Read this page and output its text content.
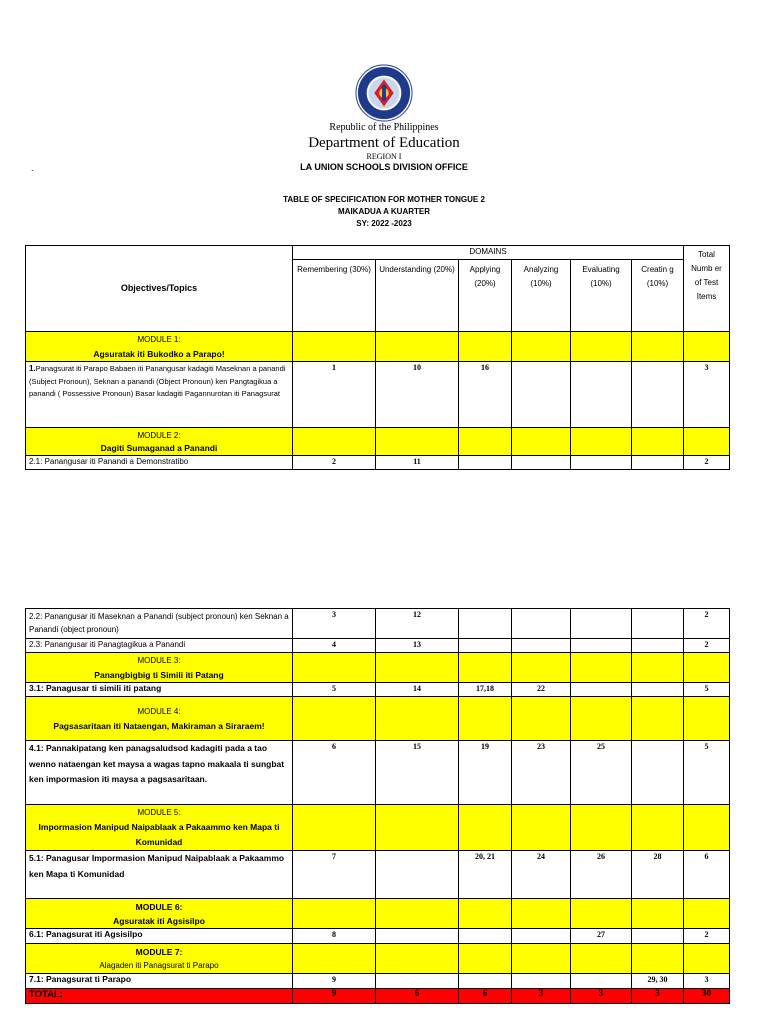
Republic of the Philippines
Department of Education
REGION I
LA UNION SCHOOLS DIVISION OFFICE
.
TABLE OF SPECIFICATION FOR MOTHER TONGUE 2
MAIKADUA A KUARTER
SY: 2022 -2023
Objectives/Topics	DOMAINS						Total Numb er of Test Items
	Remembering (30%)	Understanding (20%)	Applying (20%)	Analyzing (10%)	Evaluating (10%)	Creatin g (10%)	

MODULE 1:
Agsuratak iti Bukodko a Parapo!							

1.Panagsurat iti Parapo Babaen iti Panangusar kadagiti Maseknan a panandi (Subject Pronoun), Seknan a panandi (Object Pronoun) ken Pangtagikua a panandi ( Possessive Pronoun) Basar kadagiti Pagannurotan iti Panagsurat	1	10	16				3

MODULE 2:
Dagiti Sumaganad a Panandi							

2.1: Panangusar iti Panandi a Demonstratibo	2	11					2
2.2: Panangusar iti Maseknan a Panandi (subject pronoun) ken Seknan a Panandi (object pronoun)	3	12					2
2.3: Panangusar iti Panagtagikua a Panandi	4	13					2

MODULE 3:
Panangbigbig ti Simili iti Patang							

3.1: Panagusar ti simili iti patang	5	14	17,18	22			5

MODULE 4:
Pagsasaritaan iti Nataengan, Makiraman a Siraraem!							

4.1: Pannakipatang ken panagsaludsod kadagiti pada a tao wenno nataengan ket maysa a wagas tapno makaala ti sungbat ken impormasion iti maysa a pagsasaritaan.	6	15	19	23	25		5

MODULE 5:
Impormasion Manipud Naipablaak a Pakaammo ken Mapa ti Komunidad							

5.1: Panagusar Impormasion Manipud Naipablaak a Pakaammo ken Mapa ti Komunidad	7		20, 21	24	26	28	6

MODULE 6:
Agsuratak iti Agsisilpo							

6.1: Panagsurat iti Agsisilpo	8				27		2

MODULE 7:
Alagaden iti Panagsurat ti Parapo							

7.1: Panagsurat ti Parapo	9					29, 30	3
TOTAL:	9	6	6	3	3	3	30
